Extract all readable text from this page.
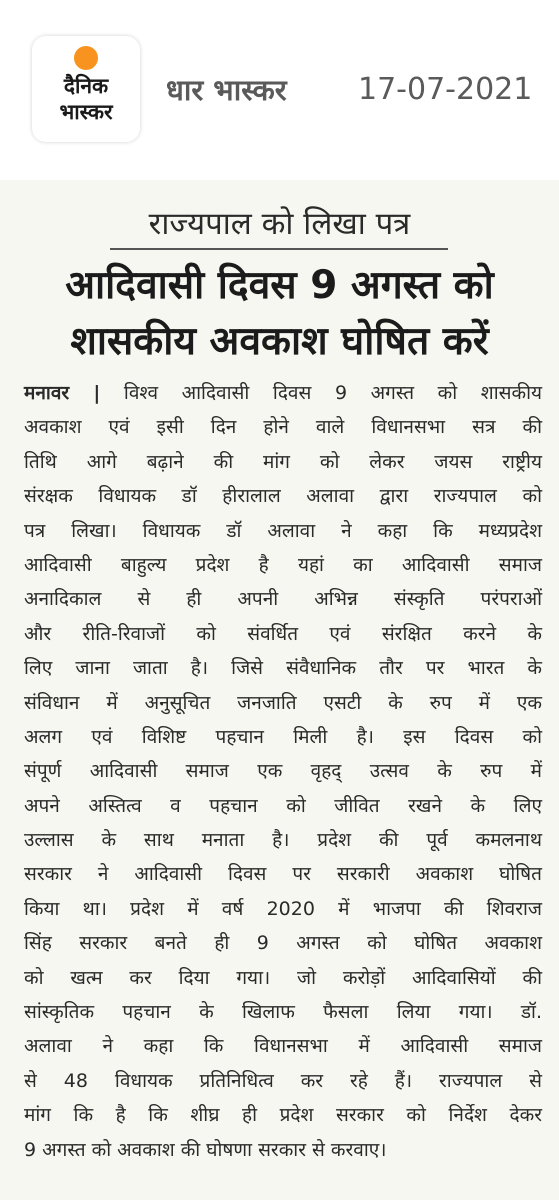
दैनिक
भास्कर
धार भास्कर 17-07-2021
राज्यपाल को लिखा पत्र
आदिवासी दिवस 9 अगस्त को
शासकीय अवकाश घोषित करें
मनावर | विश्व आदिवासी दिवस 9 अगस्त को शासकीय
अवकाश एवं इसी दिन होने वाले विधानसभा सत्र की
तिथि आगे बढ़ाने की मांग को लेकर जयस राष्ट्रीय
संरक्षक विधायक डॉ हीरालाल अलावा द्वारा राज्यपाल को
पत्र लिखा। विधायक डॉ अलावा ने कहा कि मध्यप्रदेश
आदिवासी बाहुल्य प्रदेश है यहां का आदिवासी समाज
अनादिकाल से ही अपनी अभिन्न संस्कृति परंपराओं
और रीति-रिवाजों को संवर्धित एवं संरक्षित करने के
लिए जाना जाता है। जिसे संवैधानिक तौर पर भारत के
संविधान में अनुसूचित जनजाति एसटी के रुप में एक
अलग एवं विशिष्ट पहचान मिली है। इस दिवस को
संपूर्ण आदिवासी समाज एक वृहद् उत्सव के रुप में
अपने अस्तित्व व पहचान को जीवित रखने के लिए
उल्लास के साथ मनाता है। प्रदेश की पूर्व कमलनाथ
सरकार ने आदिवासी दिवस पर सरकारी अवकाश घोषित
किया था। प्रदेश में वर्ष 2020 में भाजपा की शिवराज
सिंह सरकार बनते ही 9 अगस्त को घोषित अवकाश
को खत्म कर दिया गया। जो करोड़ों आदिवासियों की
सांस्कृतिक पहचान के खिलाफ फैसला लिया गया। डॉ.
अलावा ने कहा कि विधानसभा में आदिवासी समाज
से 48 विधायक प्रतिनिधित्व कर रहे हैं। राज्यपाल से
मांग कि है कि शीघ्र ही प्रदेश सरकार को निर्देश देकर
9 अगस्त को अवकाश की घोषणा सरकार से करवाए।
